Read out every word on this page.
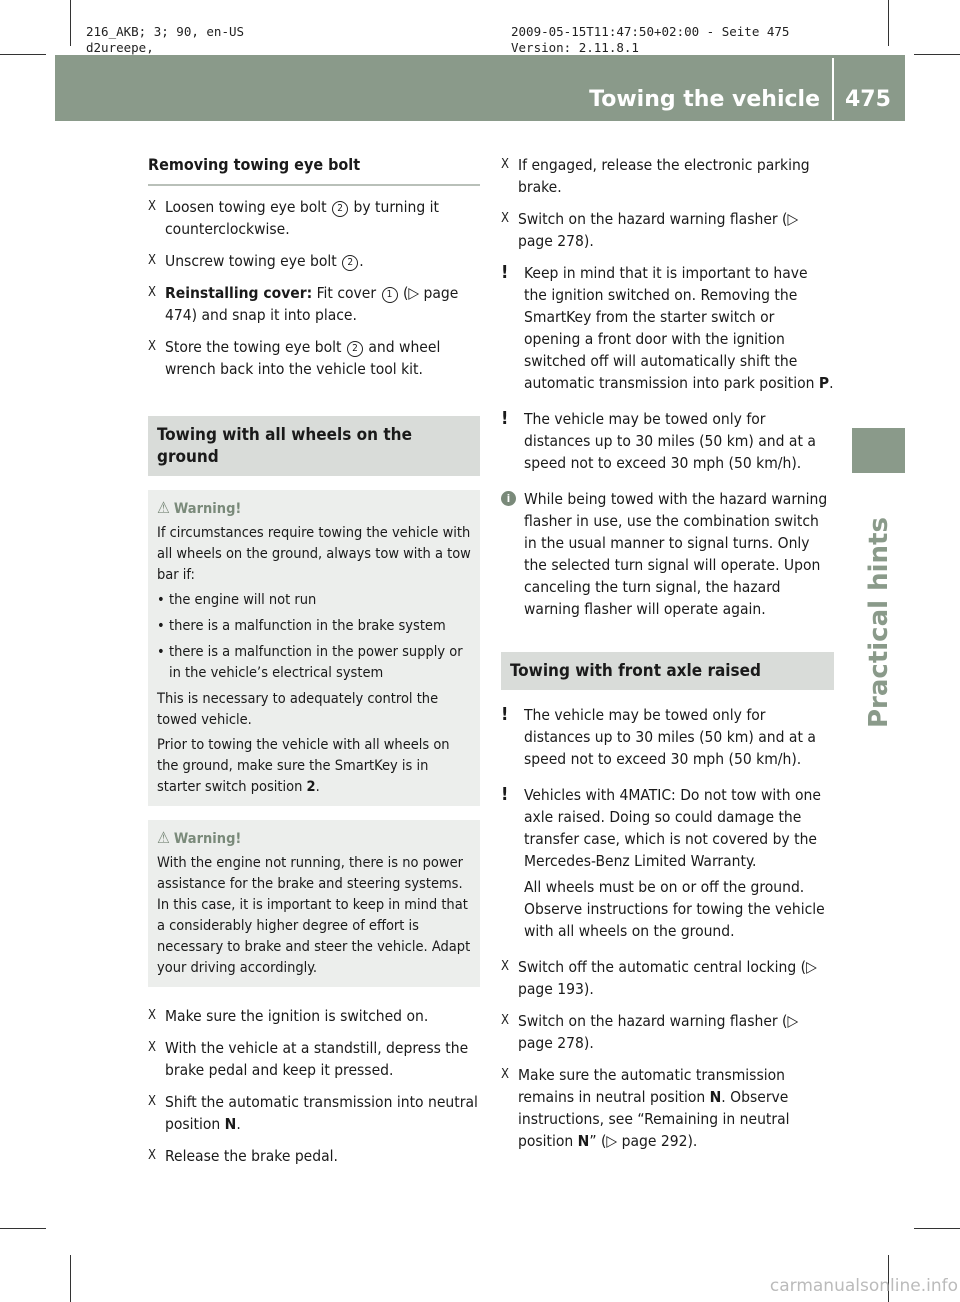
216_AKB; 3; 90, en-US
d2ureepe,
2009-05-15T11:47:50+02:00 - Seite 475
Version: 2.11.8.1
Towing the vehicle 475
Practical hints

Removing towing eye bolt

X Loosen towing eye bolt 2 by turning it counterclockwise.
X Unscrew towing eye bolt 2 .
X Reinstalling cover: Fit cover 1 (▷ page 474) and snap it into place.
X Store the towing eye bolt 2 and wheel wrench back into the vehicle tool kit.
Towing with all wheels on the ground
⚠ Warning!

If circumstances require towing the vehicle with all wheels on the ground, always tow with a tow bar if:

• the engine will not run

• there is a malfunction in the brake system

• there is a malfunction in the power supply or in the vehicle’s electrical system

This is necessary to adequately control the towed vehicle.

Prior to towing the vehicle with all wheels on the ground, make sure the SmartKey is in starter switch position 2.

⚠ Warning!

With the engine not running, there is no power assistance for the brake and steering systems. In this case, it is important to keep in mind that a considerably higher degree of effort is necessary to brake and steer the vehicle. Adapt your driving accordingly.

X Make sure the ignition is switched on.
X With the vehicle at a standstill, depress the brake pedal and keep it pressed.
X Shift the automatic transmission into neutral position N.
X Release the brake pedal.
X If engaged, release the electronic parking brake.
X Switch on the hazard warning flasher (▷ page 278).
! Keep in mind that it is important to have the ignition switched on. Removing the SmartKey from the starter switch or opening a front door with the ignition switched off will automatically shift the automatic transmission into park position P.
! The vehicle may be towed only for distances up to 30 miles (50 km) and at a speed not to exceed 30 mph (50 km/h).
i While being towed with the hazard warning flasher in use, use the combination switch in the usual manner to signal turns. Only the selected turn signal will operate. Upon canceling the turn signal, the hazard warning flasher will operate again.
Towing with front axle raised
! The vehicle may be towed only for distances up to 30 miles (50 km) and at a speed not to exceed 30 mph (50 km/h).
! Vehicles with 4MATIC: Do not tow with one axle raised. Doing so could damage the transfer case, which is not covered by the Mercedes-Benz Limited Warranty.

All wheels must be on or off the ground. Observe instructions for towing the vehicle with all wheels on the ground.

X Switch off the automatic central locking (▷ page 193).
X Switch on the hazard warning flasher (▷ page 278).
X Make sure the automatic transmission remains in neutral position N. Observe instructions, see “Remaining in neutral position N” (▷ page 292).
carmanualsonline.info
